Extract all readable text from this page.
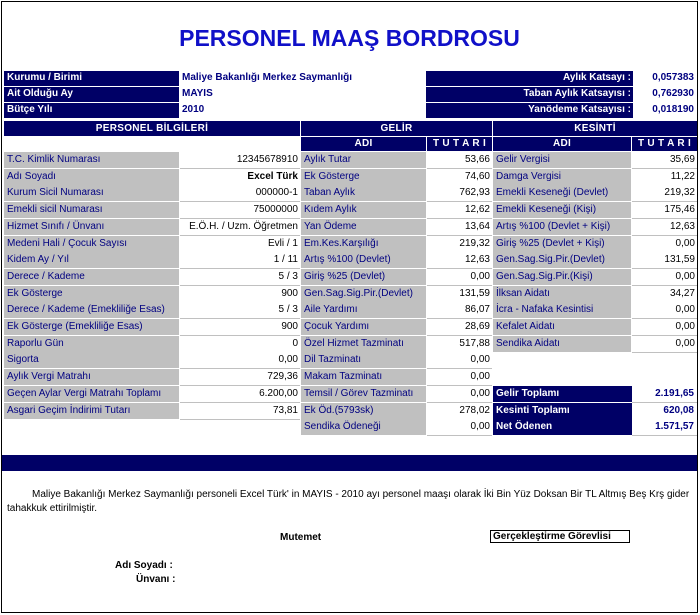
PERSONEL MAAŞ BORDROSU
Kurumu / Birimi	Maliye Bakanlığı Merkez Saymanlığı
Ait Olduğu Ay	MAYIS
Bütçe Yılı	2010
Aylık Katsayı :	0,057383
Taban Aylık Katsayısı :	0,762930
Yanödeme Katsayısı :	0,018190
PERSONEL BİLGİLERİ	GELİR	KESİNTİ
ADI	T U T A R I	ADI	T U T A R I
T.C. Kimlik Numarası	12345678910
Adı Soyadı	Excel Türk
Kurum Sicil Numarası	000000-1
Emekli sicil Numarası	75000000
Hizmet Sınıfı / Ünvanı	E.Ö.H. / Uzm. Öğretmen
Medeni Hali / Çocuk Sayısı	Evli / 1
Kidem Ay / Yıl	1 / 11
Derece / Kademe	5 / 3
Ek Gösterge	900
Derece / Kademe (Emekliliğe Esas)	5 / 3
Ek Gösterge (Emekliliğe Esas)	900
Raporlu Gün	0
Sigorta	0,00
Aylık Vergi Matrahı	729,36
Geçen Aylar Vergi Matrahı Toplamı	6.200,00
Asgari Geçim İndirimi Tutarı	73,81
Aylık Tutar	53,66
Ek Gösterge	74,60
Taban Aylık	762,93
Kıdem Aylık	12,62
Yan Ödeme	13,64
Em.Kes.Karşılığı	219,32
Artış %100 (Devlet)	12,63
Giriş %25 (Devlet)	0,00
Gen.Sag.Sig.Pir.(Devlet)	131,59
Aile Yardımı	86,07
Çocuk Yardımı	28,69
Özel Hizmet Tazminatı	517,88
Dil Tazminatı	0,00
Makam Tazminatı	0,00
Temsil / Görev Tazminatı	0,00
Ek Öd.(5793sk)	278,02
Sendika Ödeneği	0,00
Gelir Vergisi	35,69
Damga Vergisi	11,22
Emekli Keseneği (Devlet)	219,32
Emekli Keseneği (Kişi)	175,46
Artış %100 (Devlet + Kişi)	12,63
Giriş %25 (Devlet + Kişi)	0,00
Gen.Sag.Sig.Pir.(Devlet)	131,59
Gen.Sag.Sig.Pir.(Kişi)	0,00
İlksan Aidatı	34,27
İcra - Nafaka Kesintisi	0,00
Kefalet Aidatı	0,00
Sendika Aidatı	0,00
Gelir Toplamı	2.191,65
Kesinti Toplamı	620,08
Net Ödenen	1.571,57
Maliye Bakanlığı Merkez Saymanlığı personeli Excel Türk' in MAYIS - 2010 ayı personel maaşı olarak İki Bin Yüz Doksan Bir TL Altmış Beş Krş gider tahakkuk ettirilmiştir.
Mutemet	Gerçekleştirme Görevlisi
Adı Soyadı :
Ünvanı :
